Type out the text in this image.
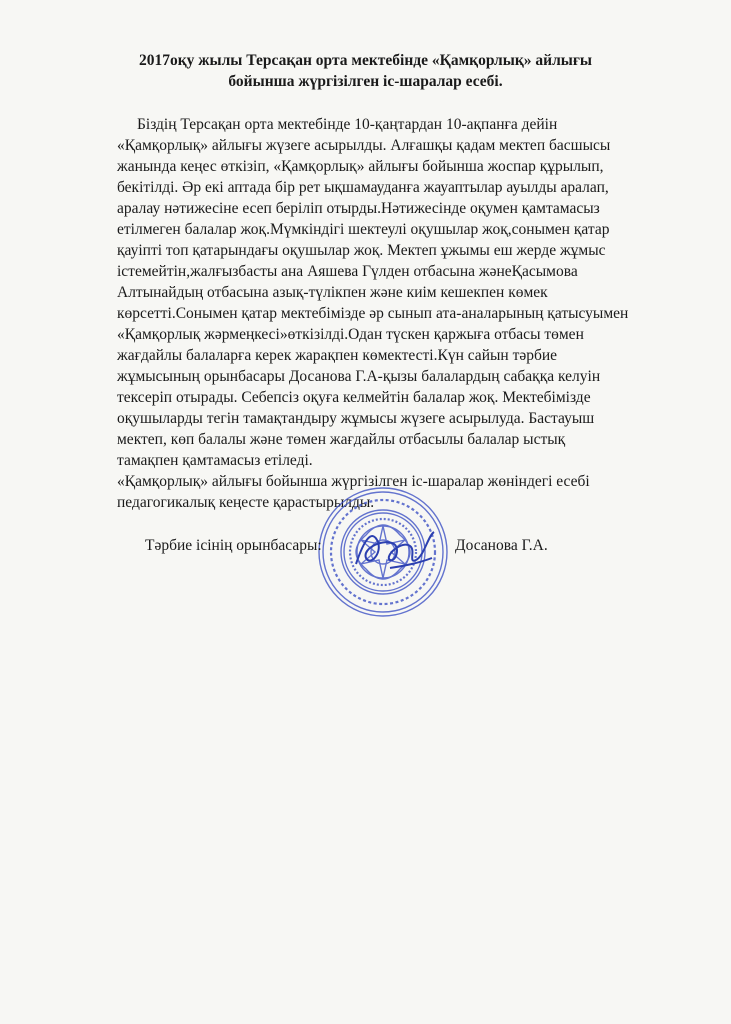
2017оқу жылы Терсақан орта мектебінде «Қамқорлық» айлығы
бойынша жүргізілген іс-шаралар есебі.
Біздің Терсақан орта мектебінде 10-қаңтардан 10-ақпанға дейін
«Қамқорлық» айлығы жүзеге асырылды. Алғашқы қадам мектеп басшысы
жанында кеңес өткізіп, «Қамқорлық» айлығы бойынша жоспар құрылып,
бекітілді. Әр екі аптада бір рет ықшамауданға жауаптылар ауылды аралап,
аралау нәтижесіне есеп беріліп отырды.Нәтижесінде оқумен қамтамасыз
етілмеген балалар жоқ.Мүмкіндігі шектеулі оқушылар жоқ,сонымен қатар
қауіпті топ қатарындағы оқушылар жоқ. Мектеп ұжымы еш жерде жұмыс
істемейтін,жалғызбасты ана Аяшева Гүлден отбасына жәнеҚасымова
Алтынайдың отбасына азық-түлікпен және киім кешекпен көмек
көрсетті.Сонымен қатар мектебімізде әр сынып ата-аналарының қатысуымен
«Қамқорлық жәрмеңкесі»өткізілді.Одан түскен қаржыға отбасы төмен
жағдайлы балаларға керек жарақпен көмектесті.Күн сайын тәрбие
жұмысының орынбасары Досанова Г.А-қызы балалардың сабаққа келуін
тексеріп отырады. Себепсіз оқуға келмейтін балалар жоқ. Мектебімізде
оқушыларды тегін тамақтандыру жұмысы жүзеге асырылуда. Бастауыш
мектеп, көп балалы және төмен жағдайлы отбасылы балалар ыстық
тамақпен қамтамасыз етіледі.
«Қамқорлық» айлығы бойынша жүргізілген іс-шаралар жөніндегі есебі
педагогикалық кеңесте қарастырылды.
Тәрбие ісінің орынбасары:	Досанова Г.А.
